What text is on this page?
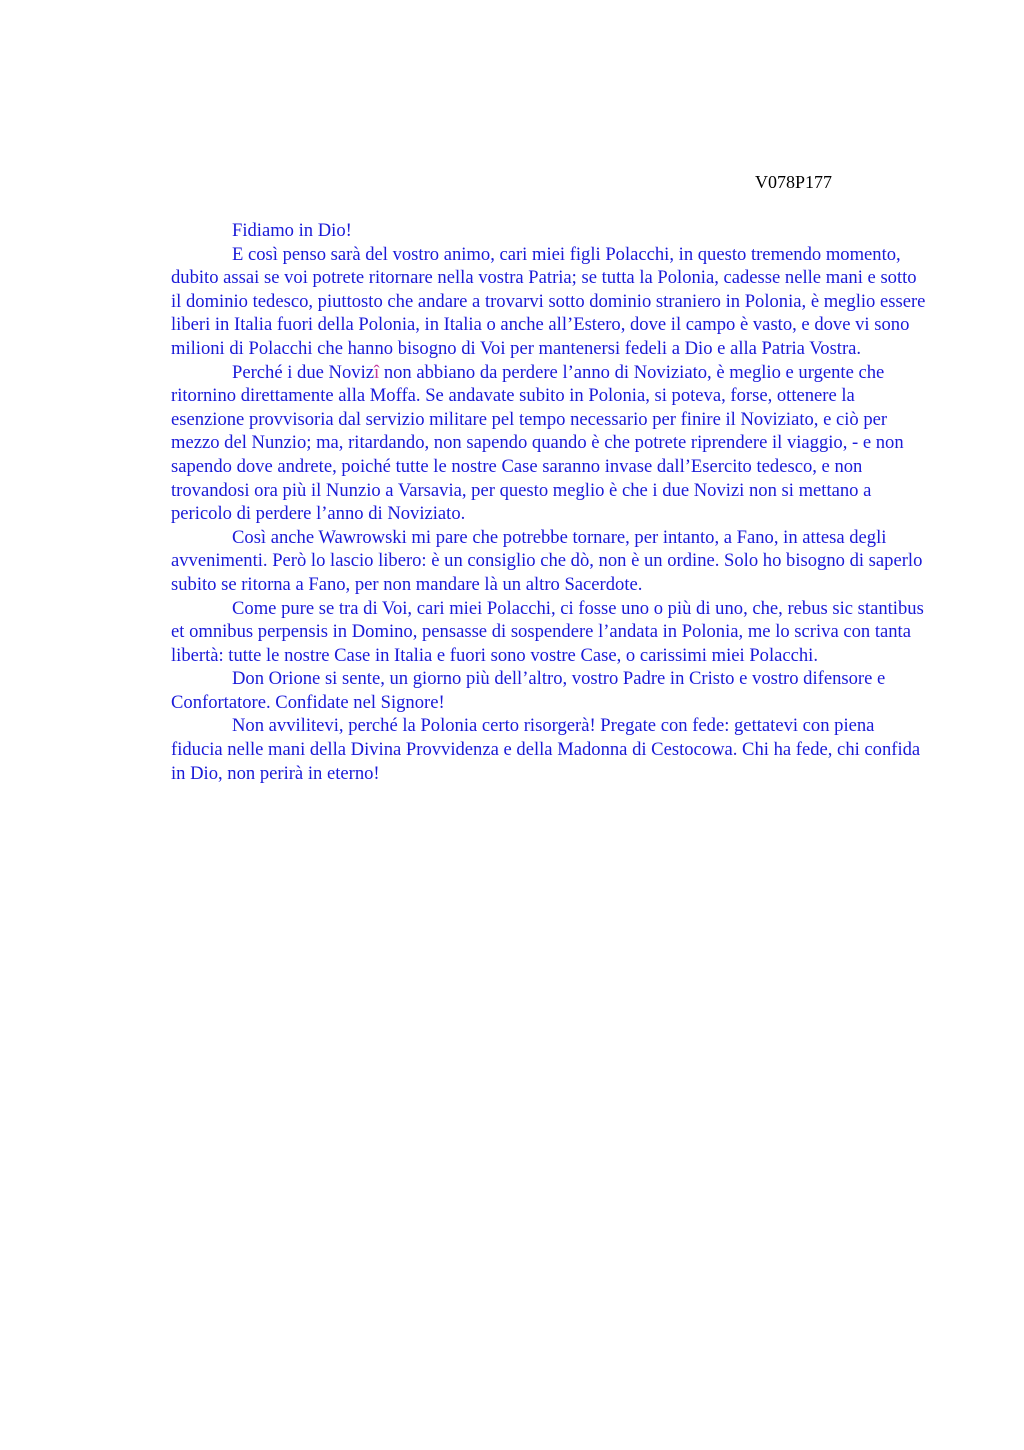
V078P177

Fidiamo in Dio!

E così penso sarà del vostro animo, cari miei figli Polacchi, in questo tremendo momento, dubito assai se voi potrete ritornare nella vostra Patria; se tutta la Polonia, cadesse nelle mani e sotto il dominio tedesco, piuttosto che andare a trovarvi sotto dominio straniero in Polonia, è meglio essere liberi in Italia fuori della Polonia, in Italia o anche all’Estero, dove il campo è vasto, e dove vi sono milioni di Polacchi che hanno bisogno di Voi per mantenersi fedeli a Dio e alla Patria Vostra.

Perché i due Novizî non abbiano da perdere l’anno di Noviziato, è meglio e urgente che ritornino direttamente alla Moffa. Se andavate subito in Polonia, si poteva, forse, ottenere la esenzione provvisoria dal servizio militare pel tempo necessario per finire il Noviziato, e ciò per mezzo del Nunzio; ma, ritardando, non sapendo quando è che potrete riprendere il viaggio, - e non sapendo dove andrete, poiché tutte le nostre Case saranno invase dall’Esercito tedesco, e non trovandosi ora più il Nunzio a Varsavia, per questo meglio è che i due Novizi non si mettano a pericolo di perdere l’anno di Noviziato.

Così anche Wawrowski mi pare che potrebbe tornare, per intanto, a Fano, in attesa degli avvenimenti. Però lo lascio libero: è un consiglio che dò, non è un ordine. Solo ho bisogno di saperlo subito se ritorna a Fano, per non mandare là un altro Sacerdote.

Come pure se tra di Voi, cari miei Polacchi, ci fosse uno o più di uno, che, rebus sic stantibus et omnibus perpensis in Domino, pensasse di sospendere l’andata in Polonia, me lo scriva con tanta libertà: tutte le nostre Case in Italia e fuori sono vostre Case, o carissimi miei Polacchi.

Don Orione si sente, un giorno più dell’altro, vostro Padre in Cristo e vostro difensore e Confortatore. Confidate nel Signore!

Non avvilitevi, perché la Polonia certo risorgerà! Pregate con fede: gettatevi con piena fiducia nelle mani della Divina Provvidenza e della Madonna di Cestocowa. Chi ha fede, chi confida in Dio, non perirà in eterno!
